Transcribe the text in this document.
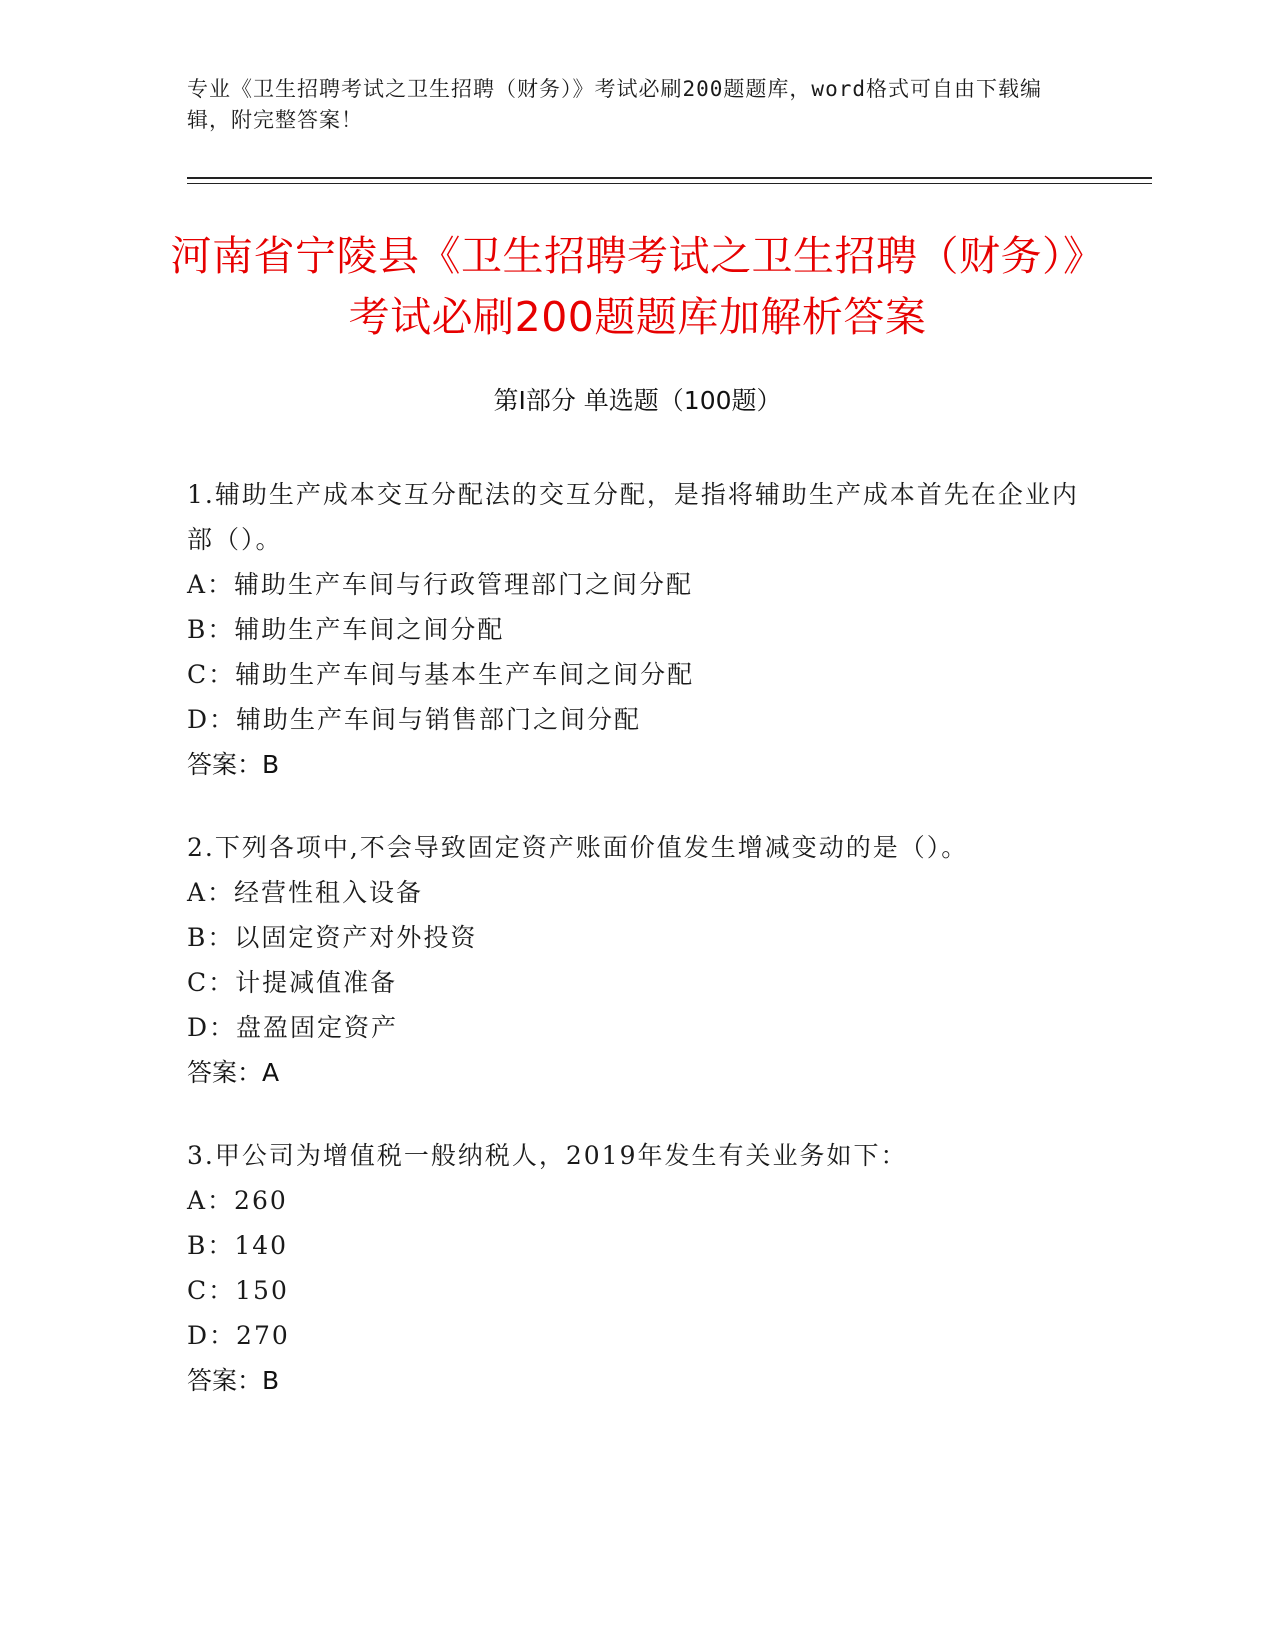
专业《卫生招聘考试之卫生招聘（财务）》考试必刷200题题库，word格式可自由下载编辑，附完整答案！
河南省宁陵县《卫生招聘考试之卫生招聘（财务）》考试必刷200题题库加解析答案
第Ⅰ部分 单选题（100题）
1.辅助生产成本交互分配法的交互分配，是指将辅助生产成本首先在企业内部（）。
A：辅助生产车间与行政管理部门之间分配
B：辅助生产车间之间分配
C：辅助生产车间与基本生产车间之间分配
D：辅助生产车间与销售部门之间分配
答案：B
2.下列各项中,不会导致固定资产账面价值发生增减变动的是（）。
A：经营性租入设备
B：以固定资产对外投资
C：计提减值准备
D：盘盈固定资产
答案：A
3.甲公司为增值税一般纳税人，2019年发生有关业务如下：
A：260
B：140
C：150
D：270
答案：B
